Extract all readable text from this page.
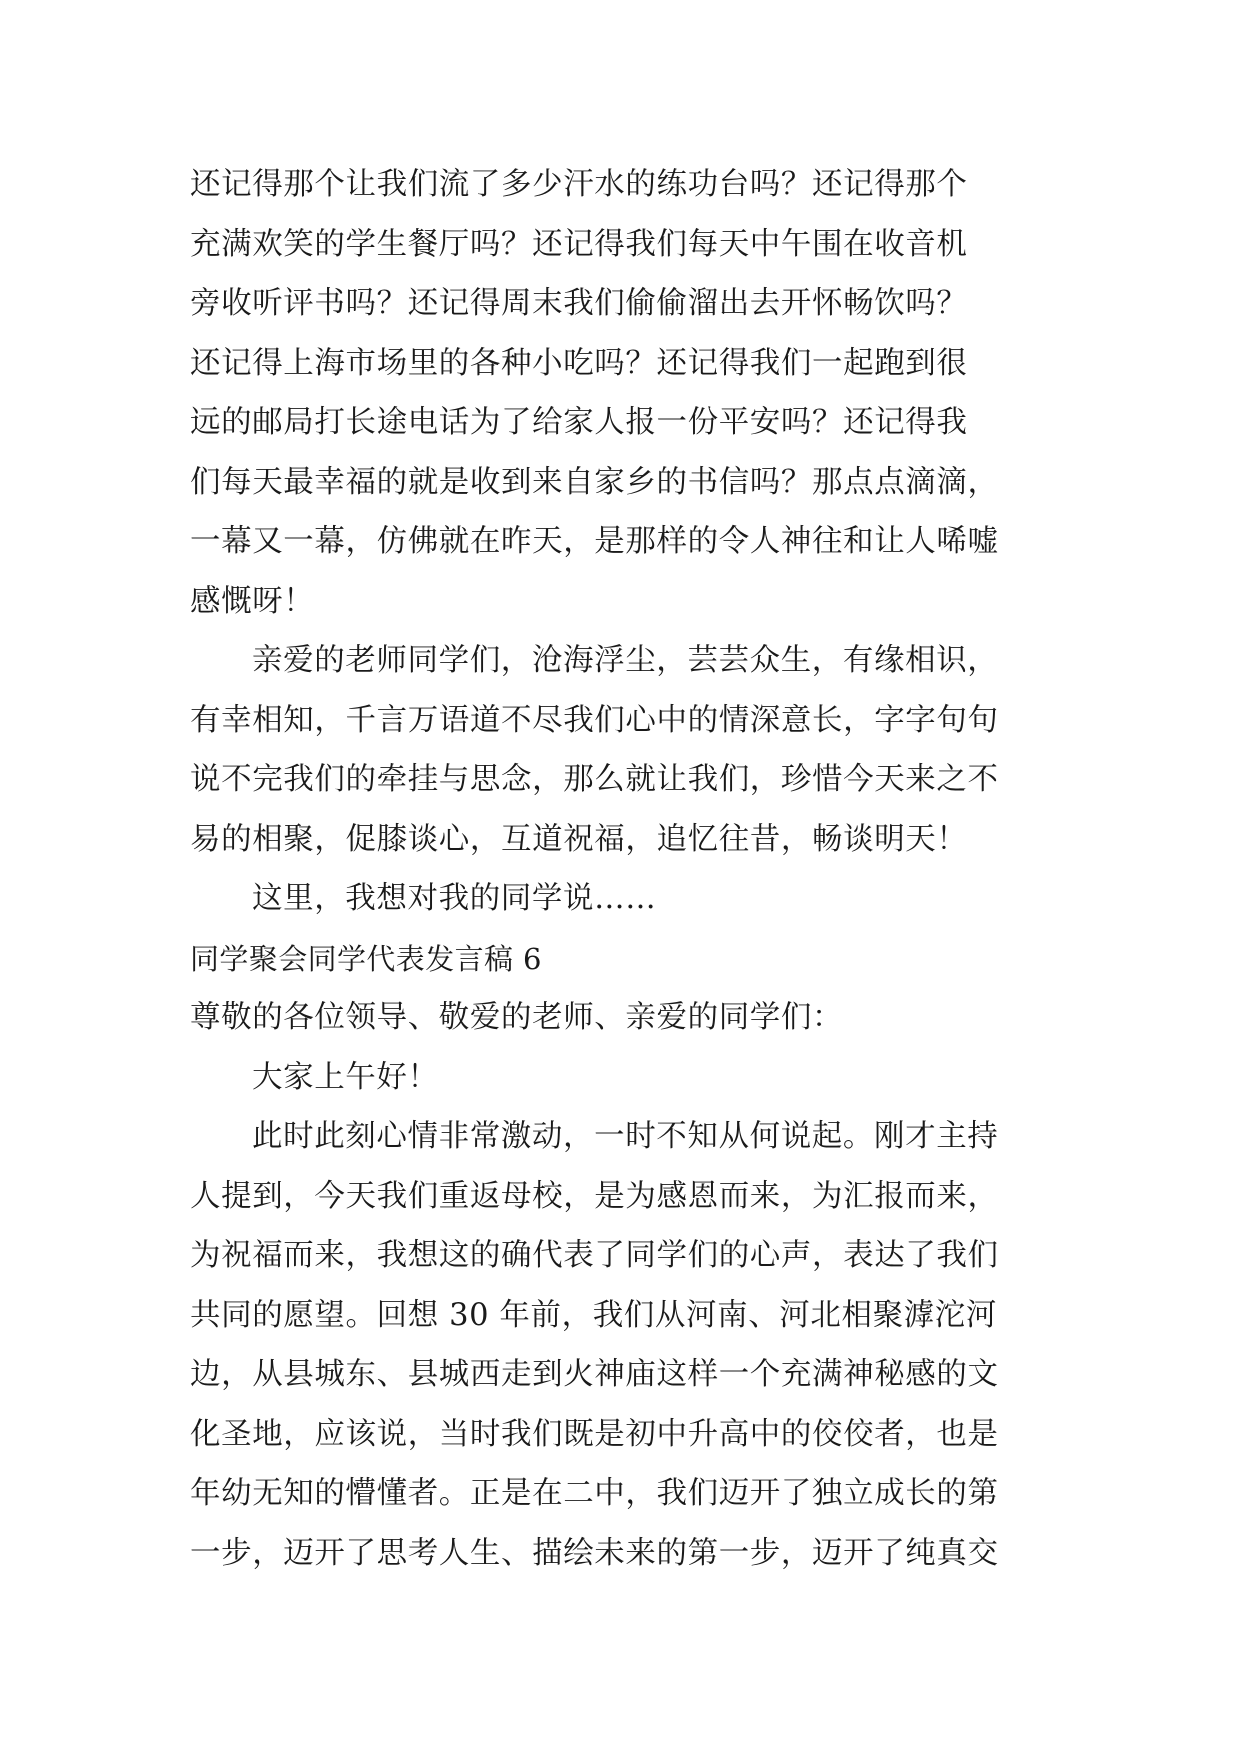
还记得那个让我们流了多少汗水的练功台吗？还记得那个
充满欢笑的学生餐厅吗？还记得我们每天中午围在收音机
旁收听评书吗？还记得周末我们偷偷溜出去开怀畅饮吗？
还记得上海市场里的各种小吃吗？还记得我们一起跑到很
远的邮局打长途电话为了给家人报一份平安吗？还记得我
们每天最幸福的就是收到来自家乡的书信吗？那点点滴滴，
一幕又一幕，仿佛就在昨天，是那样的令人神往和让人唏嘘
感慨呀！
亲爱的老师同学们，沧海浮尘，芸芸众生，有缘相识，
有幸相知，千言万语道不尽我们心中的情深意长，字字句句
说不完我们的牵挂与思念，那么就让我们，珍惜今天来之不
易的相聚，促膝谈心，互道祝福，追忆往昔，畅谈明天！
这里，我想对我的同学说……
同学聚会同学代表发言稿 6
尊敬的各位领导、敬爱的老师、亲爱的同学们：
大家上午好！
此时此刻心情非常激动，一时不知从何说起。刚才主持
人提到，今天我们重返母校，是为感恩而来，为汇报而来，
为祝福而来，我想这的确代表了同学们的心声，表达了我们
共同的愿望。回想 30 年前，我们从河南、河北相聚滹沱河
边，从县城东、县城西走到火神庙这样一个充满神秘感的文
化圣地，应该说，当时我们既是初中升高中的佼佼者，也是
年幼无知的懵懂者。正是在二中，我们迈开了独立成长的第
一步，迈开了思考人生、描绘未来的第一步，迈开了纯真交
